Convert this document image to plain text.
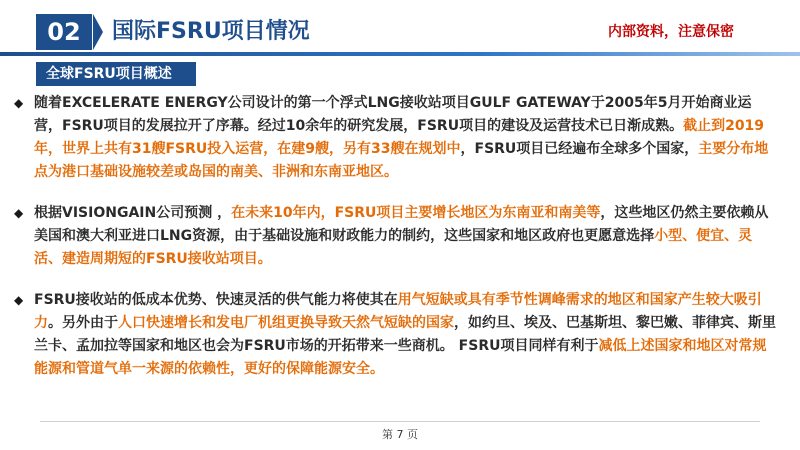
02	国际FSRU项目情况	内部资料，注意保密
全球FSRU项目概述
◆ 随着EXCELERATE ENERGY公司设计的第一个浮式LNG接收站项目GULF GATEWAY于2005年5月开始商业运营，FSRU项目的发展拉开了序幕。经过10余年的研究发展，FSRU项目的建设及运营技术已日渐成熟。截止到2019年，世界上共有31艘FSRU投入运营，在建9艘，另有33艘在规划中，FSRU项目已经遍布全球多个国家，主要分布地点为港口基础设施较差或岛国的南美、非洲和东南亚地区。
◆ 根据VISIONGAIN公司预测 ，在未来10年内，FSRU项目主要增长地区为东南亚和南美等，这些地区仍然主要依赖从美国和澳大利亚进口LNG资源，由于基础设施和财政能力的制约，这些国家和地区政府也更愿意选择小型、便宜、灵活、建造周期短的FSRU接收站项目。
◆ FSRU接收站的低成本优势、快速灵活的供气能力将使其在用气短缺或具有季节性调峰需求的地区和国家产生较大吸引力。另外由于人口快速增长和发电厂机组更换导致天然气短缺的国家，如约旦、埃及、巴基斯坦、黎巴嫩、菲律宾、斯里兰卡、孟加拉等国家和地区也会为FSRU市场的开拓带来一些商机。 FSRU项目同样有利于减低上述国家和地区对常规能源和管道气单一来源的依赖性，更好的保障能源安全。
第 7 页
